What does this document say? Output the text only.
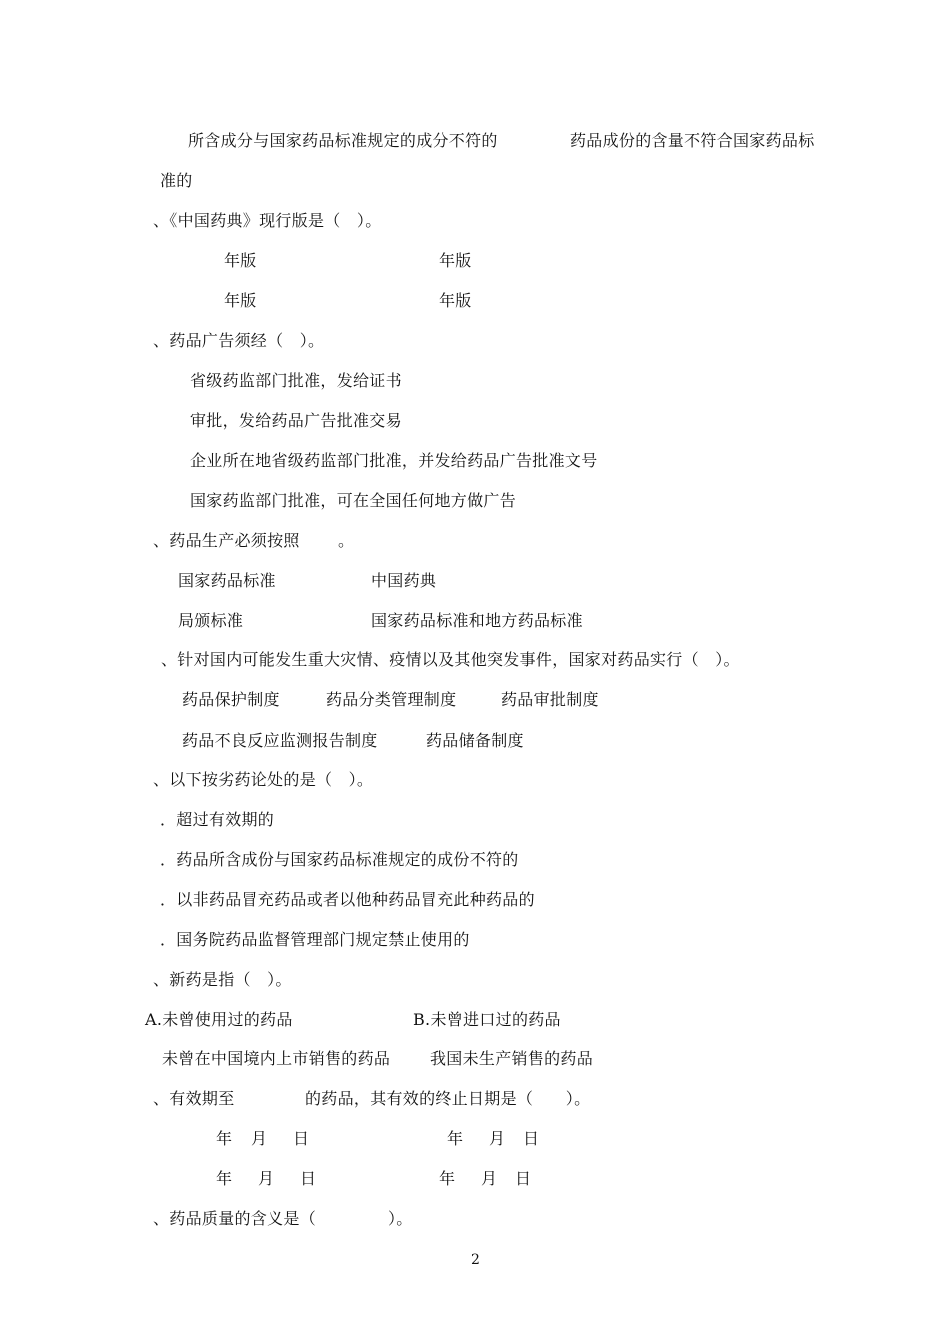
所含成分与国家药品标准规定的成分不符的	药品成份的含量不符合国家药品标
准的
、《中国药典》现行版是（　）。
年版	年版
年版	年版
、药品广告须经（　）。
省级药监部门批准，发给证书
审批，发给药品广告批准交易
企业所在地省级药监部门批准，并发给药品广告批准文号
国家药监部门批准，可在全国任何地方做广告
、药品生产必须按照 。
国家药品标准	中国药典
局颁标准	国家药品标准和地方药品标准
、针对国内可能发生重大灾情、疫情以及其他突发事件，国家对药品实行（　）。
药品保护制度	药品分类管理制度	药品审批制度
药品不良反应监测报告制度	药品储备制度
、以下按劣药论处的是（　）。
．超过有效期的
．药品所含成份与国家药品标准规定的成份不符的
．以非药品冒充药品或者以他种药品冒充此种药品的
．国务院药品监督管理部门规定禁止使用的
、新药是指（　）。
A.未曾使用过的药品	B.未曾进口过的药品
未曾在中国境内上市销售的药品 我国未生产销售的药品
、有效期至	的药品，其有效的终止日期是（　　）。
年 月 日	年 月 日
年 月 日	年 月 日
、药品质量的含义是（	）。
2
